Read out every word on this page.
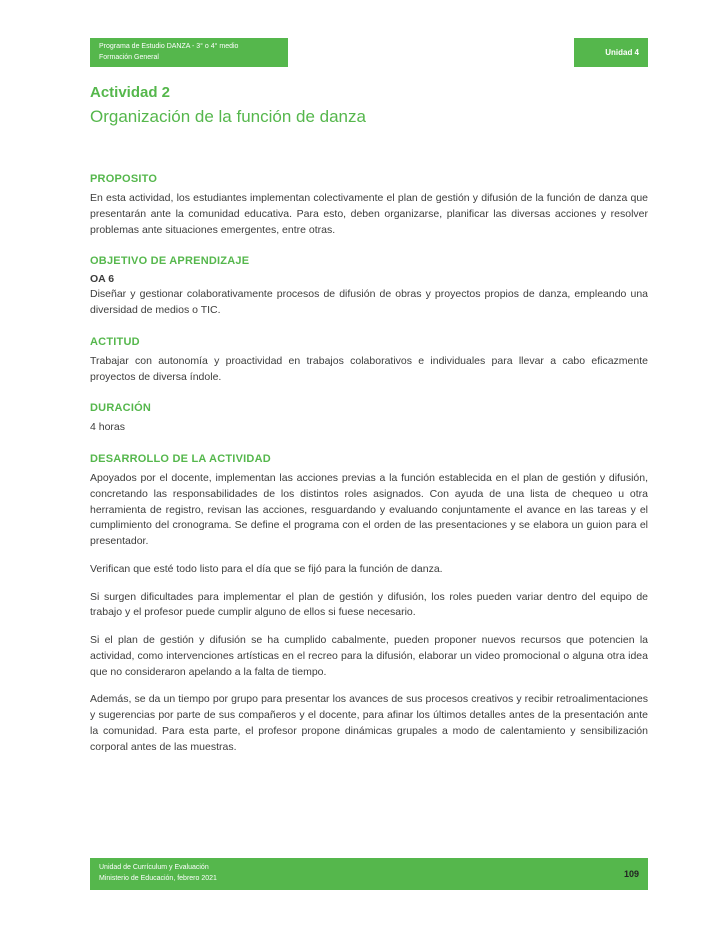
Programa de Estudio DANZA - 3° o 4° medio
Formación General	Unidad 4
Actividad 2
Organización de la función de danza
PROPOSITO

En esta actividad, los estudiantes implementan colectivamente el plan de gestión y difusión de la función de danza que presentarán ante la comunidad educativa. Para esto, deben organizarse, planificar las diversas acciones y resolver problemas ante situaciones emergentes, entre otras.

OBJETIVO DE APRENDIZAJE

OA 6

Diseñar y gestionar colaborativamente procesos de difusión de obras y proyectos propios de danza, empleando una diversidad de medios o TIC.

ACTITUD

Trabajar con autonomía y proactividad en trabajos colaborativos e individuales para llevar a cabo eficazmente proyectos de diversa índole.

DURACIÓN

4 horas

DESARROLLO DE LA ACTIVIDAD

Apoyados por el docente, implementan las acciones previas a la función establecida en el plan de gestión y difusión, concretando las responsabilidades de los distintos roles asignados. Con ayuda de una lista de chequeo u otra herramienta de registro, revisan las acciones, resguardando y evaluando conjuntamente el avance en las tareas y el cumplimiento del cronograma. Se define el programa con el orden de las presentaciones y se elabora un guion para el presentador.

Verifican que esté todo listo para el día que se fijó para la función de danza.

Si surgen dificultades para implementar el plan de gestión y difusión, los roles pueden variar dentro del equipo de trabajo y el profesor puede cumplir alguno de ellos si fuese necesario.

Si el plan de gestión y difusión se ha cumplido cabalmente, pueden proponer nuevos recursos que potencien la actividad, como intervenciones artísticas en el recreo para la difusión, elaborar un video promocional o alguna otra idea que no consideraron apelando a la falta de tiempo.

Además, se da un tiempo por grupo para presentar los avances de sus procesos creativos y recibir retroalimentaciones y sugerencias por parte de sus compañeros y el docente, para afinar los últimos detalles antes de la presentación ante la comunidad. Para esta parte, el profesor propone dinámicas grupales a modo de calentamiento y sensibilización corporal antes de las muestras.

Unidad de Currículum y Evaluación
Ministerio de Educación, febrero 2021	109
